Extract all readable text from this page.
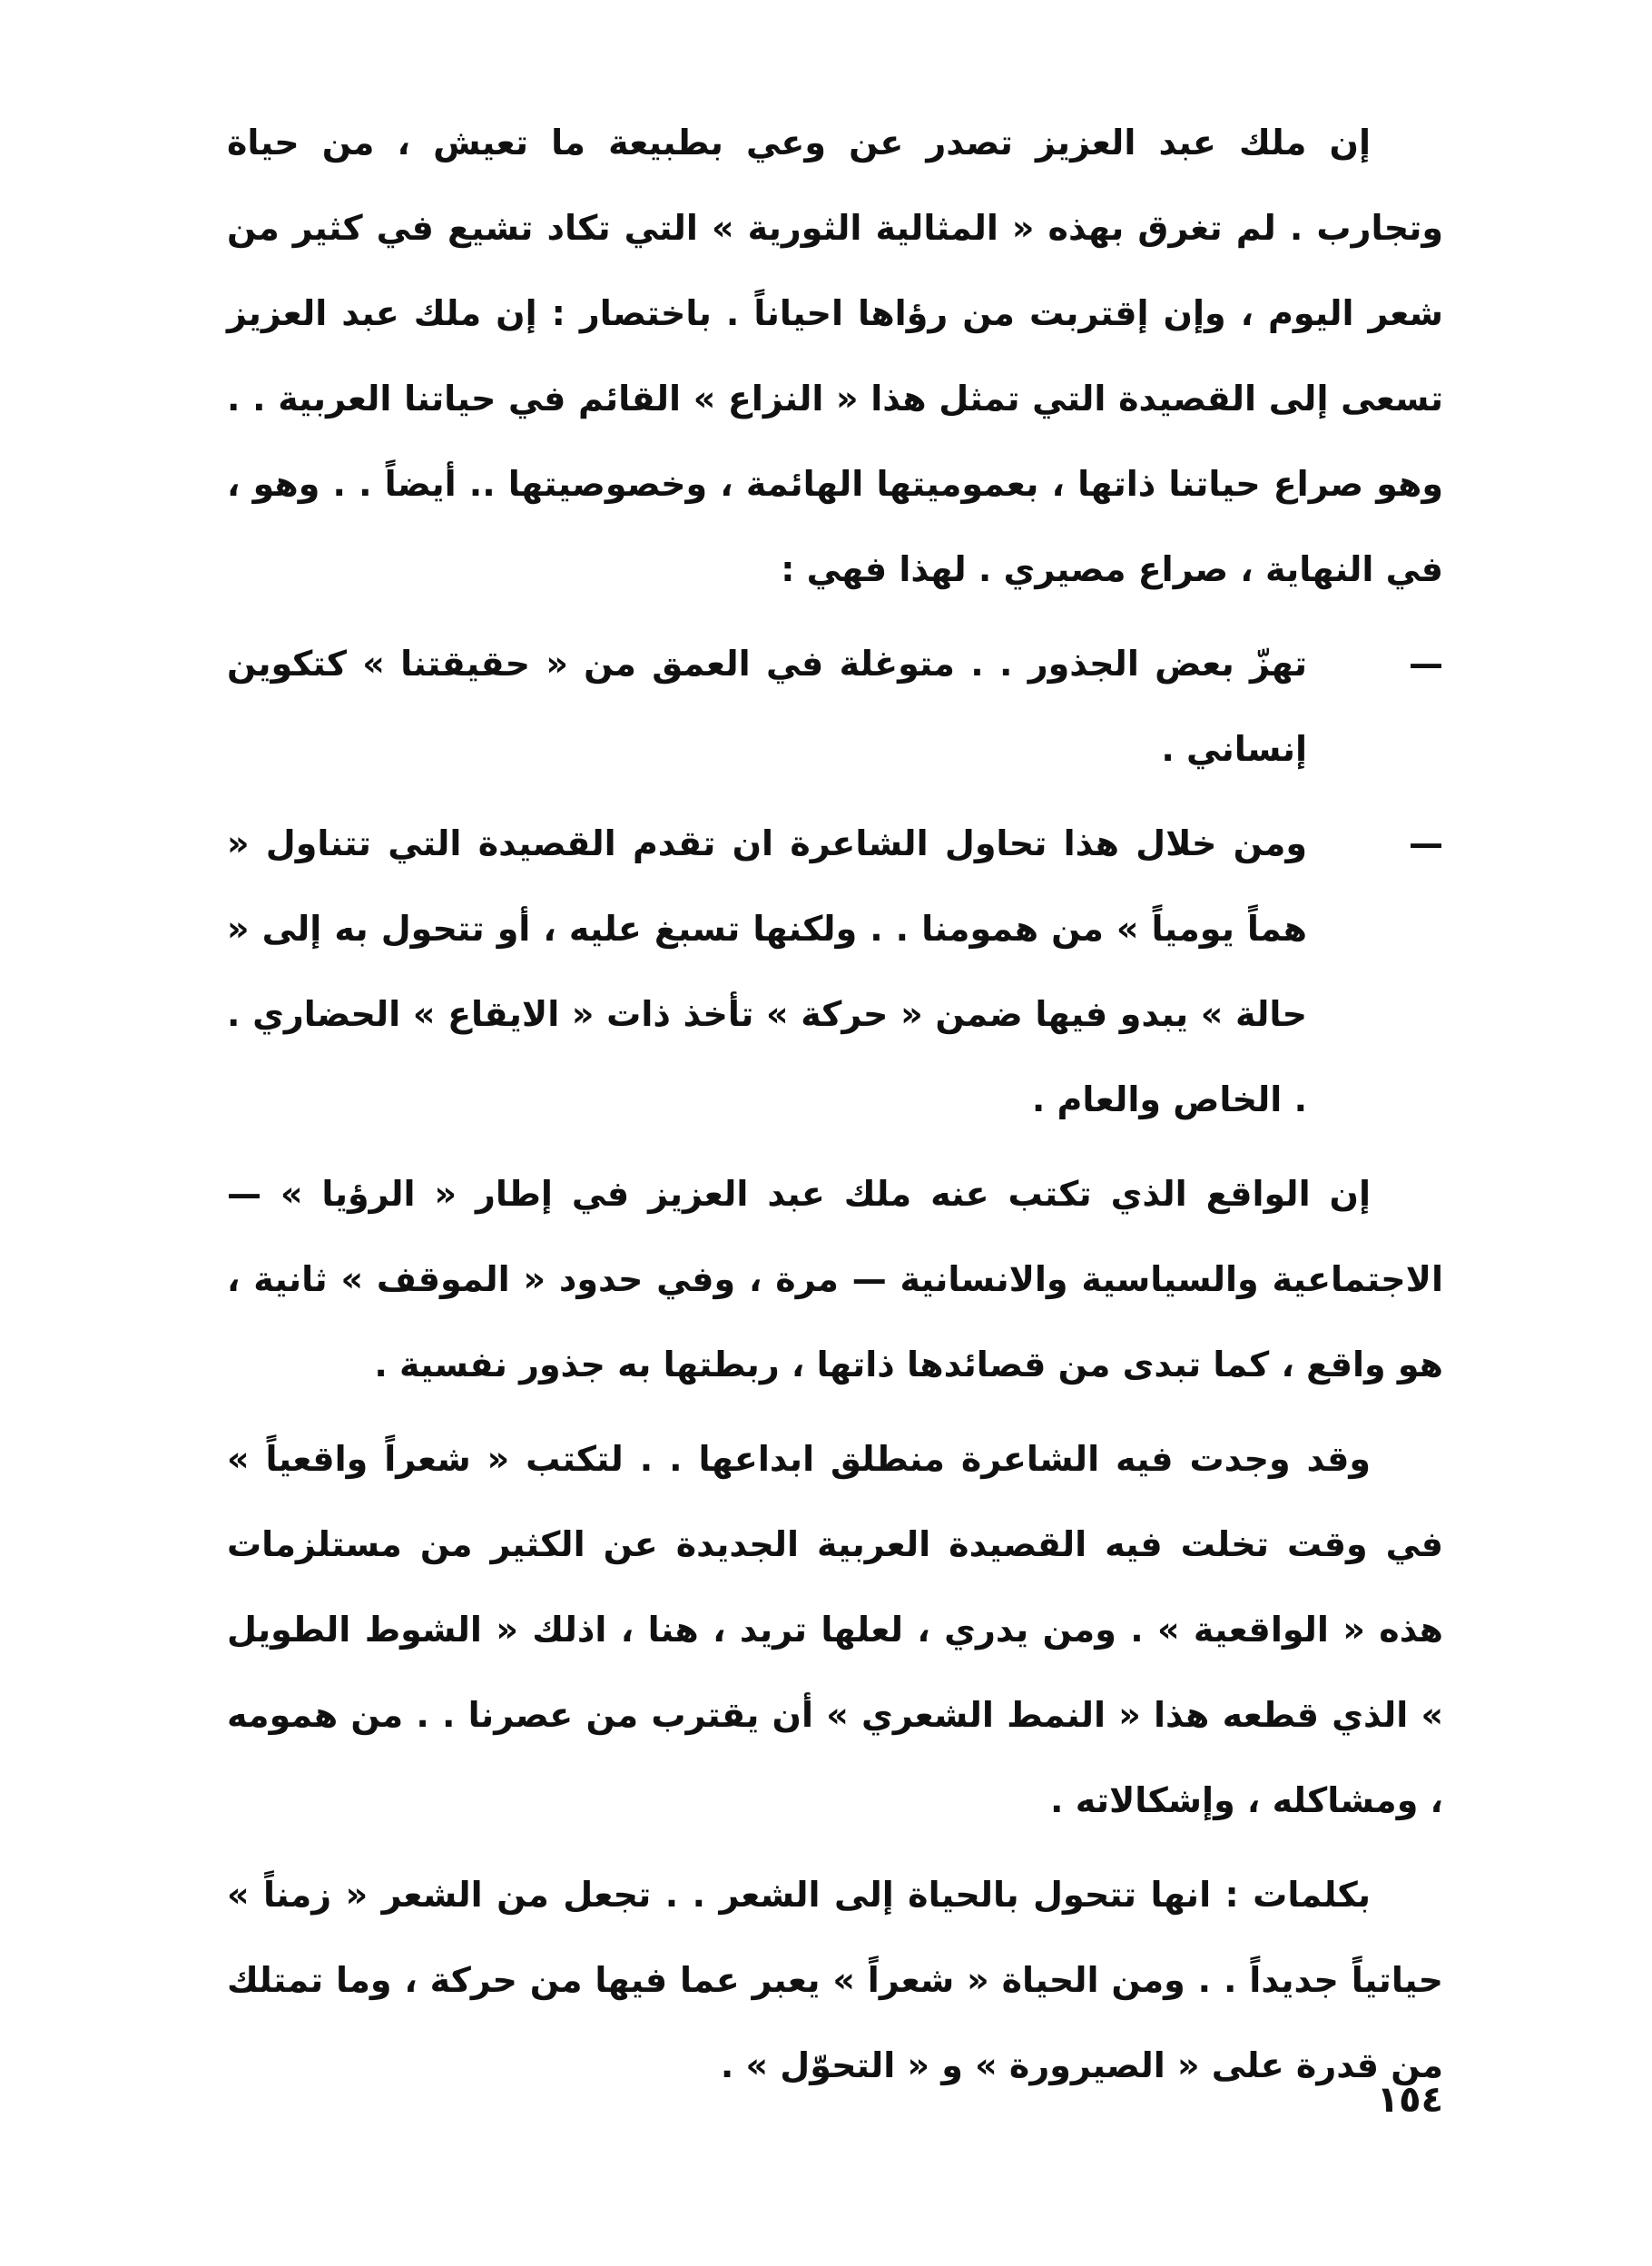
إن ملك عبد العزيز تصدر عن وعي بطبيعة ما تعيش ، من حياة وتجارب . لم تغرق بهذه « المثالية الثورية » التي تكاد تشيع في كثير من شعر اليوم ، وإن إقتربت من رؤاها احياناً . باختصار : إن ملك عبد العزيز تسعى إلى القصيدة التي تمثل هذا « النزاع » القائم في حياتنا العربية . . وهو صراع حياتنا ذاتها ، بعموميتها الهائمة ، وخصوصيتها .. أيضاً . . وهو ، في النهاية ، صراع مصيري . لهذا فهي :

—تهزّ بعض الجذور . . متوغلة في العمق من « حقيقتنا » كتكوين إنساني .

—ومن خلال هذا تحاول الشاعرة ان تقدم القصيدة التي تتناول « هماً يومياً » من همومنا . . ولكنها تسبغ عليه ، أو تتحول به إلى « حالة » يبدو فيها ضمن « حركة » تأخذ ذات « الايقاع » الحضاري . . الخاص والعام .

إن الواقع الذي تكتب عنه ملك عبد العزيز في إطار « الرؤيا » — الاجتماعية والسياسية والانسانية — مرة ، وفي حدود « الموقف » ثانية ، هو واقع ، كما تبدى من قصائدها ذاتها ، ربطتها به جذور نفسية .

وقد وجدت فيه الشاعرة منطلق ابداعها . . لتكتب « شعراً واقعياً » في وقت تخلت فيه القصيدة العربية الجديدة عن الكثير من مستلزمات هذه « الواقعية » . ومن يدري ، لعلها تريد ، هنا ، اذلك « الشوط الطويل » الذي قطعه هذا « النمط الشعري » أن يقترب من عصرنا . . من همومه ، ومشاكله ، وإشكالاته .

بكلمات : انها تتحول بالحياة إلى الشعر . . تجعل من الشعر « زمناً » حياتياً جديداً . . ومن الحياة « شعراً » يعبر عما فيها من حركة ، وما تمتلك من قدرة على « الصيرورة » و « التحوّل » .

١٥٤
